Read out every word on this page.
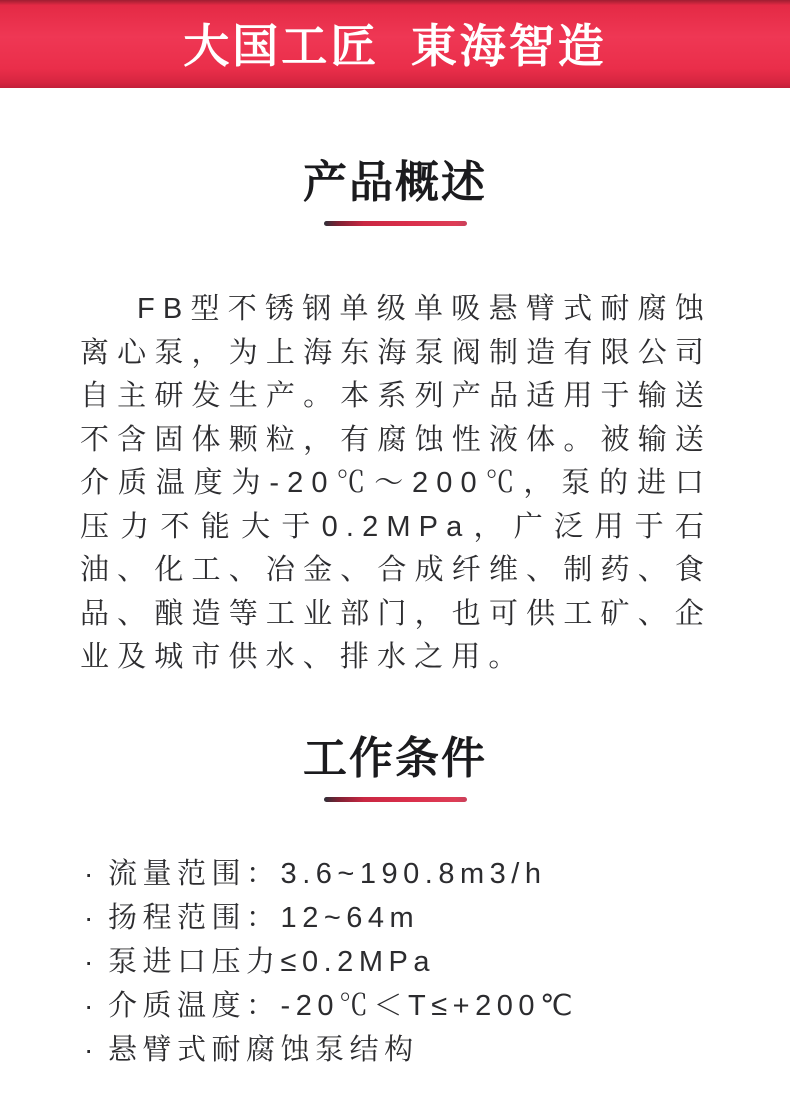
大国工匠  東海智造
产品概述

FB型不锈钢单级单吸悬臂式耐腐蚀离心泵，为上海东海泵阀制造有限公司自主研发生产。本系列产品适用于输送不含固体颗粒，有腐蚀性液体。被输送介质温度为-20℃～200℃，泵的进口压力不能大于0.2MPa，广泛用于石油、化工、冶金、合成纤维、制药、食品、酿造等工业部门，也可供工矿、企业及城市供水、排水之用。

工作条件
· 流量范围：3.6~190.8m3/h
· 扬程范围：12~64m
· 泵进口压力≤0.2MPa
· 介质温度：-20℃＜T≤+200℃
· 悬臂式耐腐蚀泵结构
